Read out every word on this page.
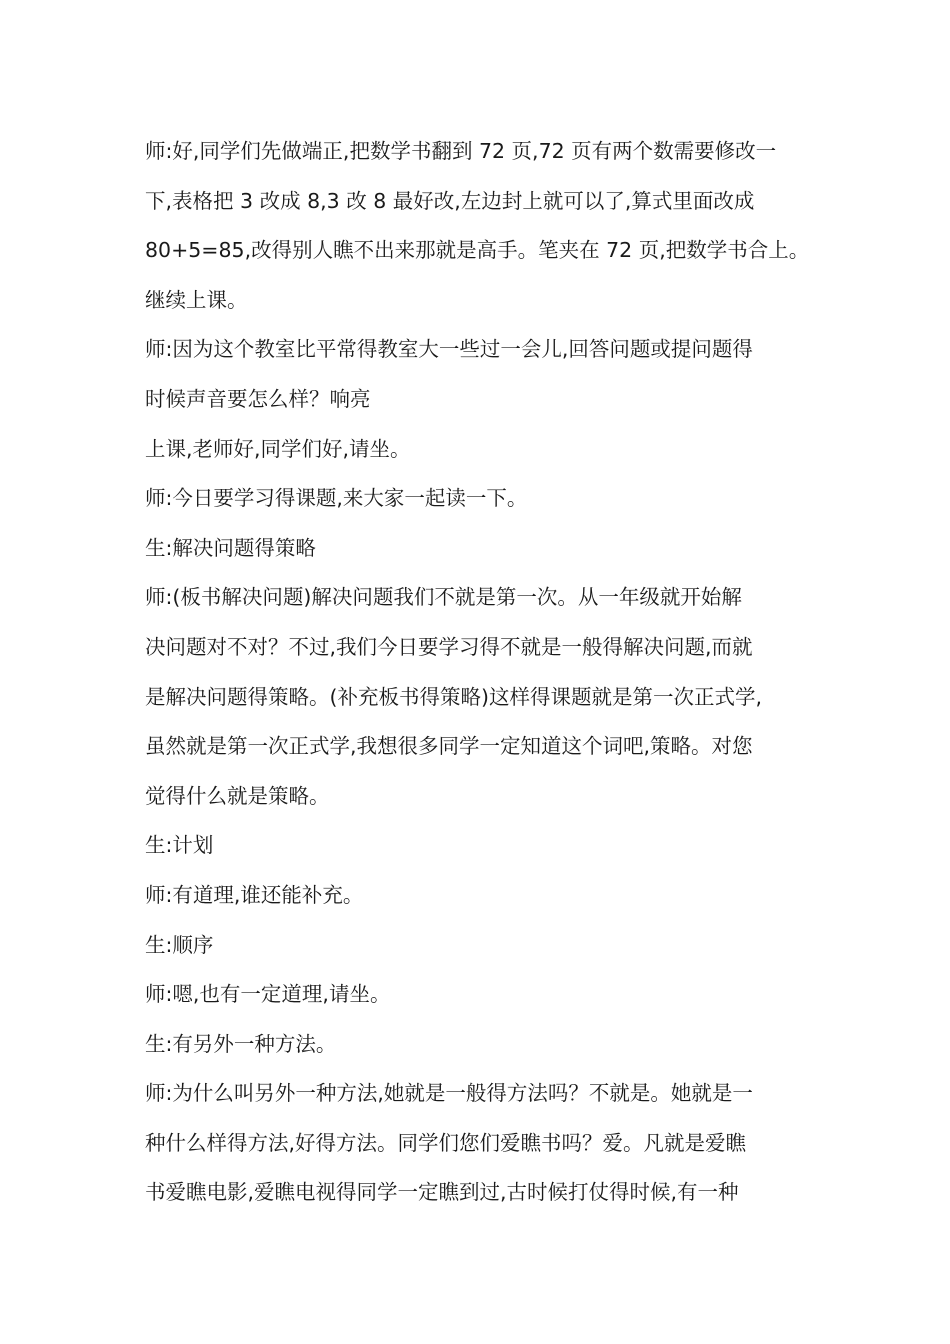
师:好,同学们先做端正,把数学书翻到 72 页,72 页有两个数需要修改一
下,表格把 3 改成 8,3 改 8 最好改,左边封上就可以了,算式里面改成
80+5=85,改得别人瞧不出来那就是高手。笔夹在 72 页,把数学书合上。
继续上课。
师:因为这个教室比平常得教室大一些过一会儿,回答问题或提问题得
时候声音要怎么样？响亮
上课,老师好,同学们好,请坐。
师:今日要学习得课题,来大家一起读一下。
生:解决问题得策略
师:(板书解决问题)解决问题我们不就是第一次。从一年级就开始解
决问题对不对？不过,我们今日要学习得不就是一般得解决问题,而就
是解决问题得策略。(补充板书得策略)这样得课题就是第一次正式学,
虽然就是第一次正式学,我想很多同学一定知道这个词吧,策略。对您
觉得什么就是策略。
生:计划
师:有道理,谁还能补充。
生:顺序
师:嗯,也有一定道理,请坐。
生:有另外一种方法。
师:为什么叫另外一种方法,她就是一般得方法吗？不就是。她就是一
种什么样得方法,好得方法。同学们您们爱瞧书吗？爱。凡就是爱瞧
书爱瞧电影,爱瞧电视得同学一定瞧到过,古时候打仗得时候,有一种
